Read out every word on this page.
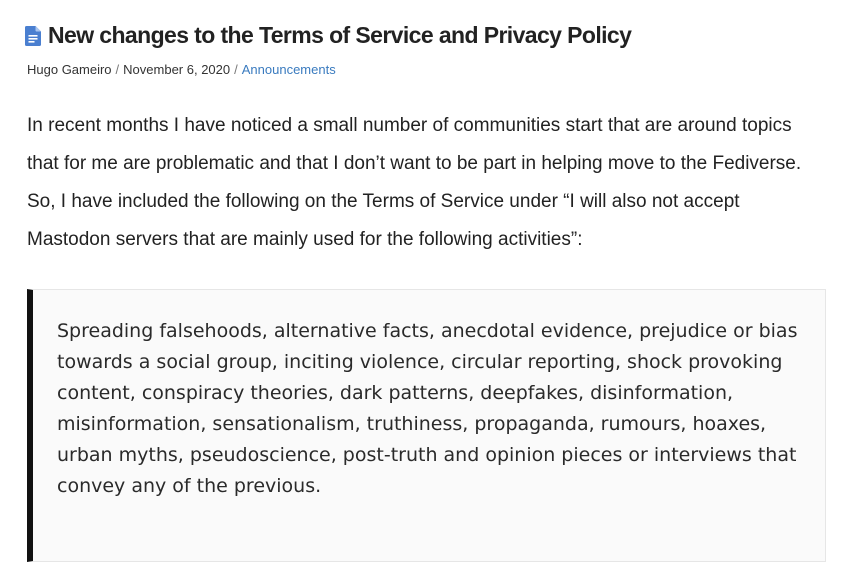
New changes to the Terms of Service and Privacy Policy
Hugo Gameiro / November 6, 2020 / Announcements

In recent months I have noticed a small number of communities start that are around topics that for me are problematic and that I don’t want to be part in helping move to the Fediverse. So, I have included the following on the Terms of Service under “I will also not accept Mastodon servers that are mainly used for the following activities”:

Spreading falsehoods, alternative facts, anecdotal evidence, prejudice or bias towards a social group, inciting violence, circular reporting, shock provoking content, conspiracy theories, dark patterns, deepfakes, disinformation, misinformation, sensationalism, truthiness, propaganda, rumours, hoaxes, urban myths, pseudoscience, post-truth and opinion pieces or interviews that convey any of the previous.
